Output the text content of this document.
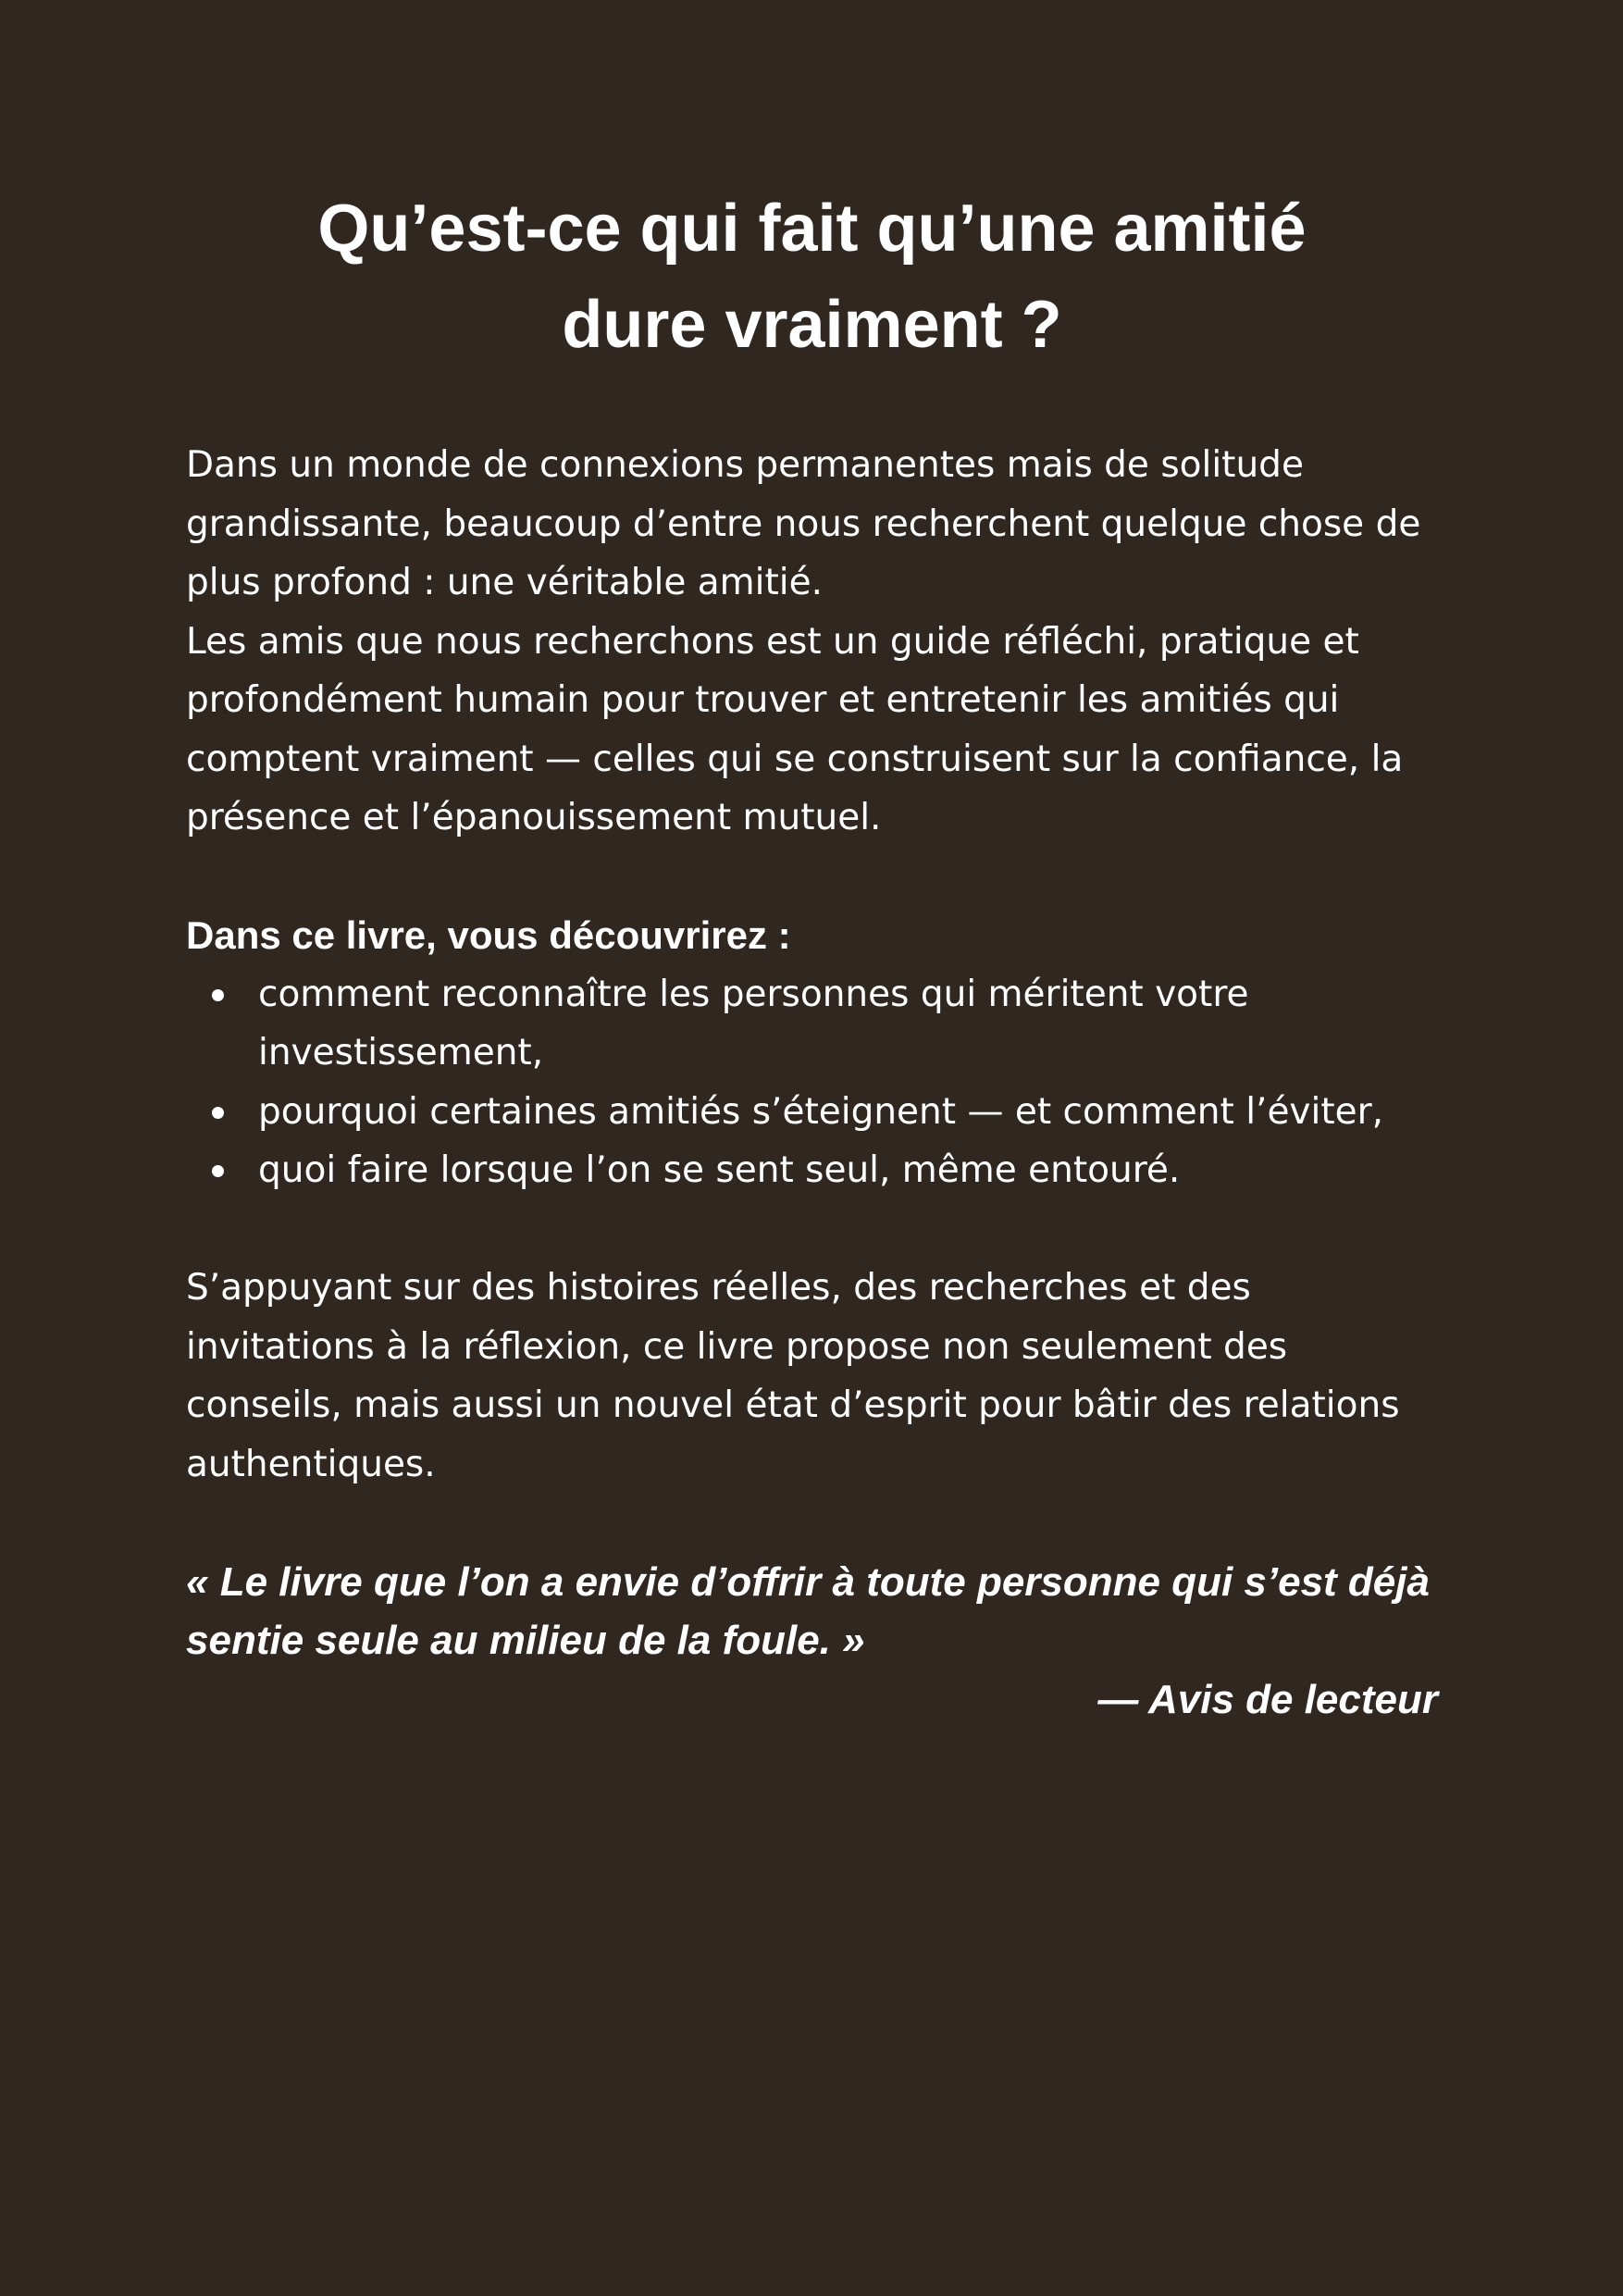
Qu’est-ce qui fait qu’une amitié
dure vraiment ?

Dans un monde de connexions permanentes mais de solitude grandissante, beaucoup d’entre nous recherchent quelque chose de plus profond : une véritable amitié.

Les amis que nous recherchons est un guide réfléchi, pratique et profondément humain pour trouver et entretenir les amitiés qui comptent vraiment — celles qui se construisent sur la confiance, la présence et l’épanouissement mutuel.

Dans ce livre, vous découvrirez :

comment reconnaître les personnes qui méritent votre investissement,
pourquoi certaines amitiés s’éteignent — et comment l’éviter,
quoi faire lorsque l’on se sent seul, même entouré.

S’appuyant sur des histoires réelles, des recherches et des invitations à la réflexion, ce livre propose non seulement des conseils, mais aussi un nouvel état d’esprit pour bâtir des relations authentiques.

« Le livre que l’on a envie d’offrir à toute personne qui s’est déjà sentie seule au milieu de la foule. »

— Avis de lecteur
